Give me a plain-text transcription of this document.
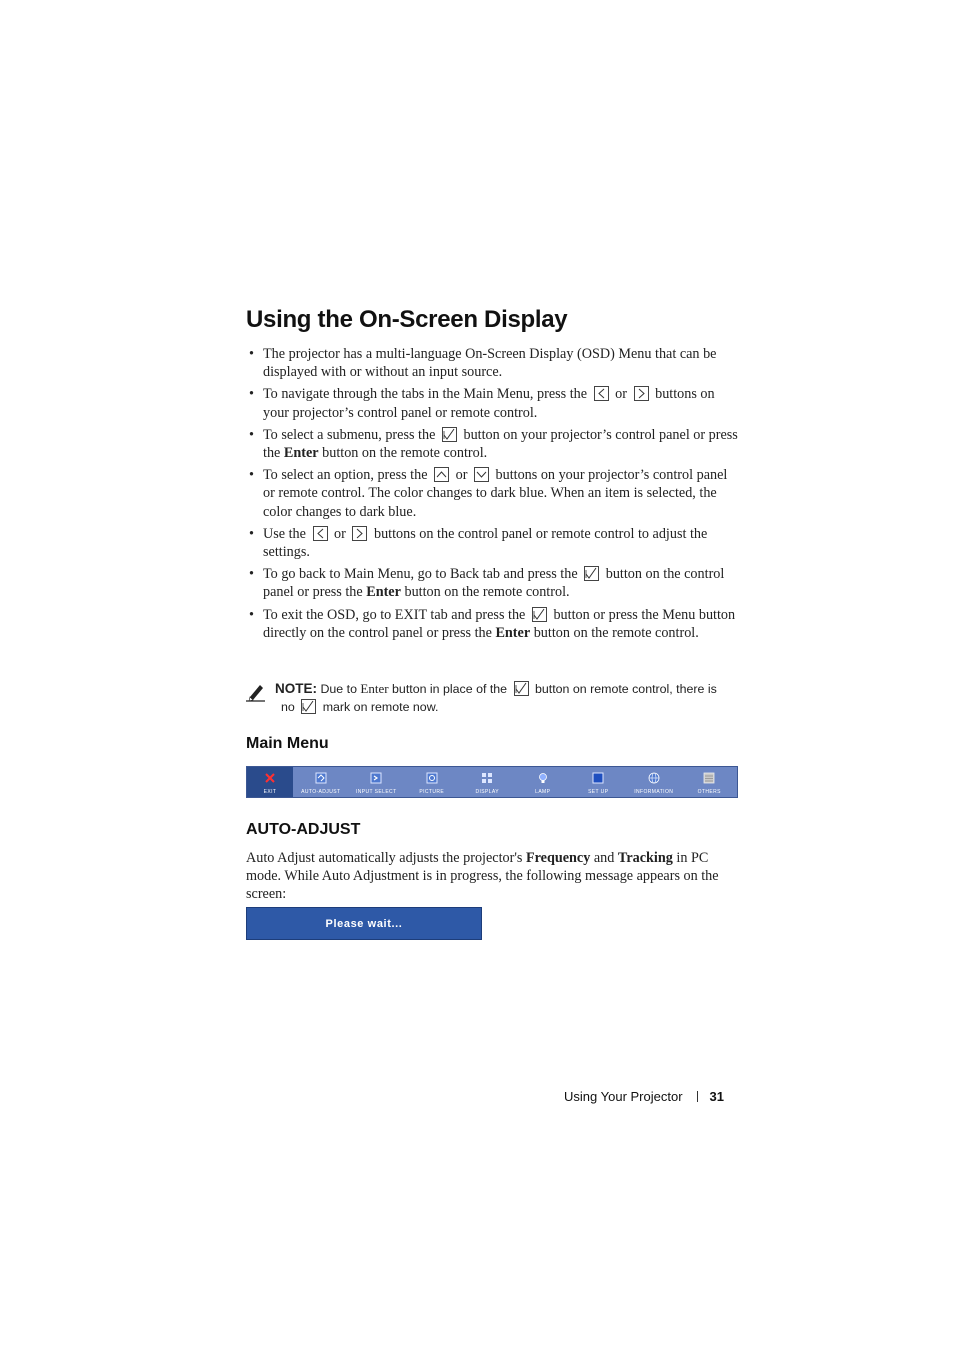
Using the On-Screen Display
• The projector has a multi-language On-Screen Display (OSD) Menu that can be displayed with or without an input source.
• To navigate through the tabs in the Main Menu, press the or buttons on your projector’s control panel or remote control.
• To select a submenu, press the button on your projector’s control panel or press the Enter button on the remote control.
• To select an option, press the or buttons on your projector’s control panel or remote control. The color changes to dark blue. When an item is selected, the color changes to dark blue.
• Use the or buttons on the control panel or remote control to adjust the settings.
• To go back to Main Menu, go to Back tab and press the button on the control panel or press the Enter button on the remote control.
• To exit the OSD, go to EXIT tab and press the button or press the Menu button directly on the control panel or press the Enter button on the remote control.
NOTE: Due to Enter button in place of the button on remote control, there is
no mark on remote now.
Main Menu
EXIT	AUTO-ADJUST	INPUT SELECT	PICTURE	DISPLAY	LAMP	SET UP	INFORMATION	OTHERS
AUTO-ADJUST

Auto Adjust automatically adjusts the projector's Frequency and Tracking in PC mode. While Auto Adjustment is in progress, the following message appears on the screen:

Please wait...
Using Your Projector 31
